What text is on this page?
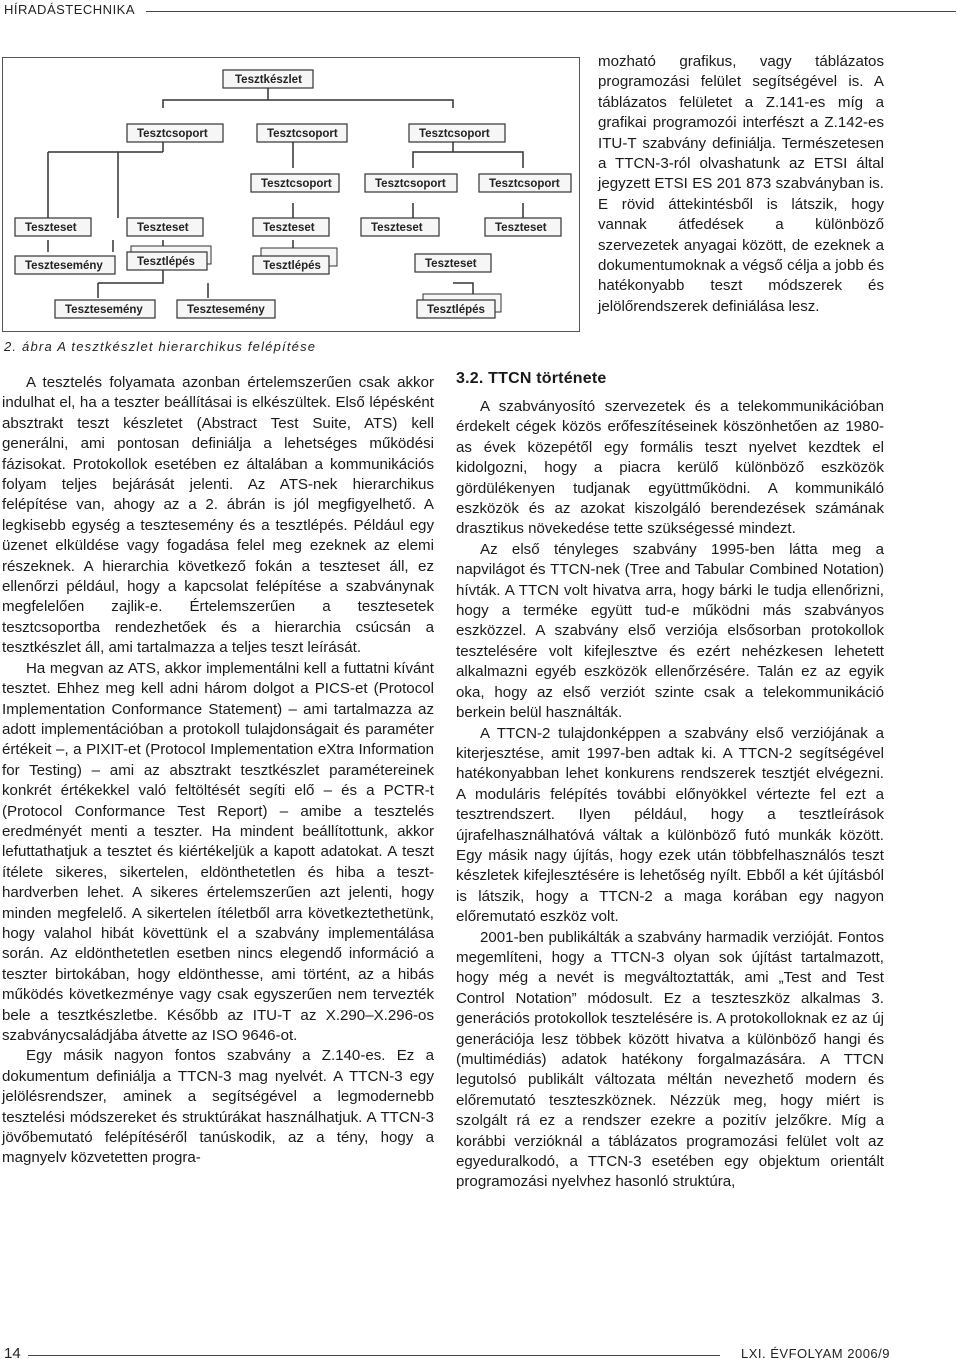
HÍRADÁSTECHNIKA
Tesztkészlet
Tesztcsoport	Tesztcsoport	Tesztcsoport
Tesztcsoport	Tesztcsoport	Tesztcsoport
Teszteset	Teszteset	Teszteset	Teszteset	Teszteset
Teszteset
Tesztesemény	Tesztlépés	Tesztlépés
Tesztlépés
Tesztesemény	Tesztesemény
2. ábra A tesztkészlet hierarchikus felépítése

mozható grafikus, vagy táblázatos programozási felület segítségével is. A táblázatos felületet a Z.141-es míg a grafikai programozói interfészt a Z.142-es ITU-T szabvány definiálja. Természetesen a TTCN-3-ról olvashatunk az ETSI által jegyzett ETSI ES 201 873 szabványban is. E rövid áttekintésből is látszik, hogy vannak átfedések a különböző szervezetek anyagai között, de ezeknek a dokumentumoknak a végső célja a jobb és hatékonyabb teszt módszerek és jelölőrendszerek definiálása lesz.

3.2. TTCN története

A tesztelés folyamata azonban értelemszerűen csak akkor indulhat el, ha a teszter beállításai is elkészültek. Első lépésként absztrakt teszt készletet (Abstract Test Suite, ATS) kell generálni, ami pontosan definiálja a lehetséges működési fázisokat. Protokollok esetében ez általában a kommunikációs folyam teljes bejárását jelenti. Az ATS-nek hierarchikus felépítése van, ahogy az a 2. ábrán is jól megfigyelhető. A legkisebb egység a tesztesemény és a tesztlépés. Például egy üzenet elküldése vagy fogadása felel meg ezeknek az elemi részeknek. A hierarchia következő fokán a teszteset áll, ez ellenőrzi például, hogy a kapcsolat felépítése a szabványnak megfelelően zajlik-e. Értelemszerűen a tesztesetek tesztcsoportba rendezhetőek és a hierarchia csúcsán a tesztkészlet áll, ami tartalmazza a teljes teszt leírását.

Ha megvan az ATS, akkor implementálni kell a futtatni kívánt tesztet. Ehhez meg kell adni három dolgot a PICS-et (Protocol Implementation Conformance Statement) – ami tartalmazza az adott implementációban a protokoll tulajdonságait és paraméter értékeit –, a PIXIT-et (Protocol Implementation eXtra Information for Testing) – ami az absztrakt tesztkészlet paramétereinek konkrét értékekkel való feltöltését segíti elő – és a PCTR-t (Protocol Conformance Test Report) – amibe a tesztelés eredményét menti a teszter. Ha mindent beállítottunk, akkor lefuttathatjuk a tesztet és kiértékeljük a kapott adatokat. A teszt ítélete sikeres, sikertelen, eldönthetetlen és hiba a teszt-hardverben lehet. A sikeres értelemszerűen azt jelenti, hogy minden megfelelő. A sikertelen ítéletből arra következtethetünk, hogy valahol hibát követtünk el a szabvány implementálása során. Az eldönthetetlen esetben nincs elegendő információ a teszter birtokában, hogy eldönthesse, ami történt, az a hibás működés következménye vagy csak egyszerűen nem tervezték bele a tesztkészletbe. Később az ITU-T az X.290–X.296-os szabványcsaládjába átvette az ISO 9646-ot.

Egy másik nagyon fontos szabvány a Z.140-es. Ez a dokumentum definiálja a TTCN-3 mag nyelvét. A TTCN-3 egy jelölésrendszer, aminek a segítségével a legmodernebb tesztelési módszereket és struktúrákat használhatjuk. A TTCN-3 jövőbemutató felépítéséről tanúskodik, az a tény, hogy a magnyelv közvetetten progra-

A szabványosító szervezetek és a telekommunikációban érdekelt cégek közös erőfeszítéseinek köszönhetően az 1980-as évek közepétől egy formális teszt nyelvet kezdtek el kidolgozni, hogy a piacra kerülő különböző eszközök gördülékenyen tudjanak együttműködni. A kommunikáló eszközök és az azokat kiszolgáló berendezések számának drasztikus növekedése tette szükségessé mindezt.

Az első tényleges szabvány 1995-ben látta meg a napvilágot és TTCN-nek (Tree and Tabular Combined Notation) hívták. A TTCN volt hivatva arra, hogy bárki le tudja ellenőrizni, hogy a terméke együtt tud-e működni más szabványos eszközzel. A szabvány első verziója elsősorban protokollok tesztelésére volt kifejlesztve és ezért nehézkesen lehetett alkalmazni egyéb eszközök ellenőrzésére. Talán ez az egyik oka, hogy az első verziót szinte csak a telekommunikáció berkein belül használták.

A TTCN-2 tulajdonképpen a szabvány első verziójának a kiterjesztése, amit 1997-ben adtak ki. A TTCN-2 segítségével hatékonyabban lehet konkurens rendszerek tesztjét elvégezni. A moduláris felépítés további előnyökkel vértezte fel ezt a tesztrendszert. Ilyen például, hogy a tesztleírások újrafelhasználhatóvá váltak a különböző futó munkák között. Egy másik nagy újítás, hogy ezek után többfelhasználós teszt készletek kifejlesztésére is lehetőség nyílt. Ebből a két újításból is látszik, hogy a TTCN-2 a maga korában egy nagyon előremutató eszköz volt.

2001-ben publikálták a szabvány harmadik verzióját. Fontos megemlíteni, hogy a TTCN-3 olyan sok újítást tartalmazott, hogy még a nevét is megváltoztatták, ami „Test and Test Control Notation” módosult. Ez a teszteszköz alkalmas 3. generációs protokollok tesztelésére is. A protokolloknak ez az új generációja lesz többek között hivatva a különböző hangi és (multimédiás) adatok hatékony forgalmazására. A TTCN legutolsó publikált változata méltán nevezhető modern és előremutató teszteszköznek. Nézzük meg, hogy miért is szolgált rá ez a rendszer ezekre a pozitív jelzőkre. Míg a korábbi verzióknál a táblázatos programozási felület volt az egyeduralkodó, a TTCN-3 esetében egy objektum orientált programozási nyelvhez hasonló struktúra,

14	LXI. ÉVFOLYAM 2006/9
